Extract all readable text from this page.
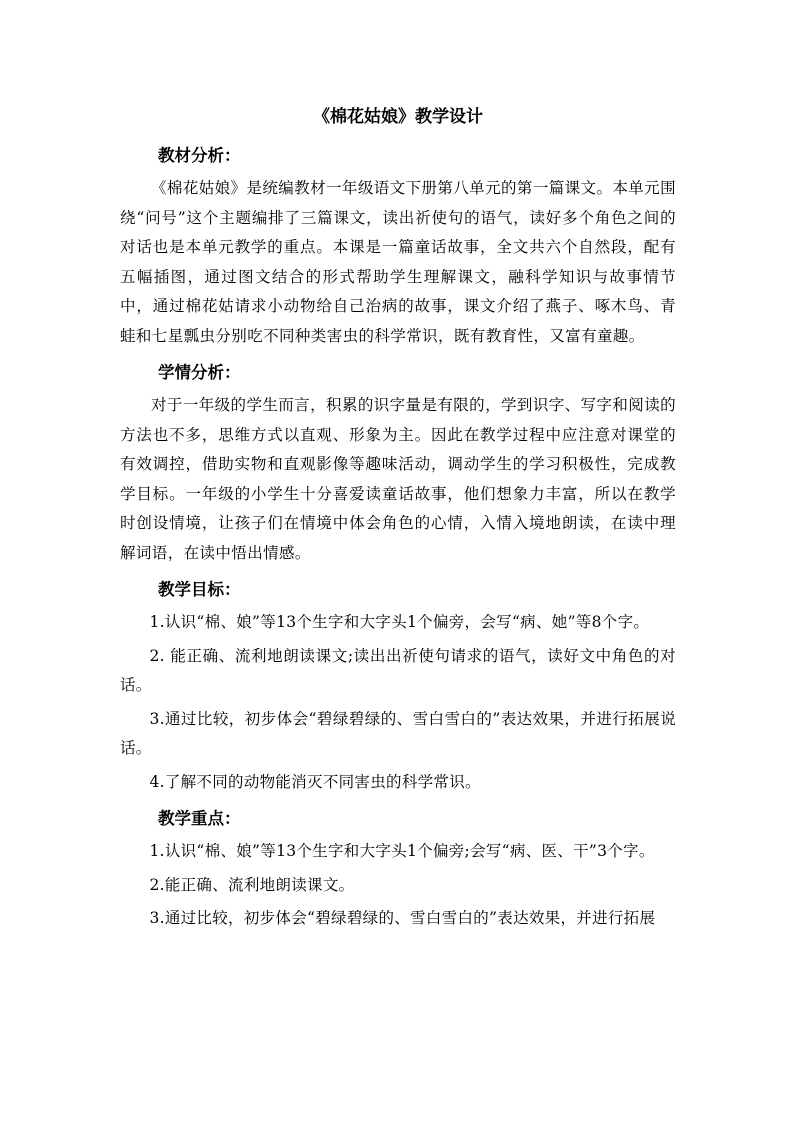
《棉花姑娘》教学设计
教材分析：

《棉花姑娘》是统编教材一年级语文下册第八单元的第一篇课文。本单元围绕“问号”这个主题编排了三篇课文，读出祈使句的语气，读好多个角色之间的对话也是本单元教学的重点。本课是一篇童话故事，全文共六个自然段，配有五幅插图，通过图文结合的形式帮助学生理解课文，融科学知识与故事情节中，通过棉花姑请求小动物给自己治病的故事，课文介绍了燕子、啄木鸟、青蛙和七星瓢虫分别吃不同种类害虫的科学常识，既有教育性，又富有童趣。

学情分析：

对于一年级的学生而言，积累的识字量是有限的，学到识字、写字和阅读的方法也不多，思维方式以直观、形象为主。因此在教学过程中应注意对课堂的有效调控，借助实物和直观影像等趣味活动，调动学生的学习积极性，完成教学目标。一年级的小学生十分喜爱读童话故事，他们想象力丰富，所以在教学时创设情境，让孩子们在情境中体会角色的心情，入情入境地朗读，在读中理解词语，在读中悟出情感。

教学目标：

1.认识“棉、娘”等13个生字和大字头1个偏旁，会写“病、她”等8个字。

2. 能正确、流利地朗读课文;读出出祈使句请求的语气，读好文中角色的对话。

3.通过比较，初步体会“碧绿碧绿的、雪白雪白的”表达效果，并进行拓展说话。

4.了解不同的动物能消灭不同害虫的科学常识。

教学重点：

1.认识“棉、娘”等13个生字和大字头1个偏旁;会写“病、医、干”3个字。

2.能正确、流利地朗读课文。

3.通过比较，初步体会“碧绿碧绿的、雪白雪白的”表达效果，并进行拓展
